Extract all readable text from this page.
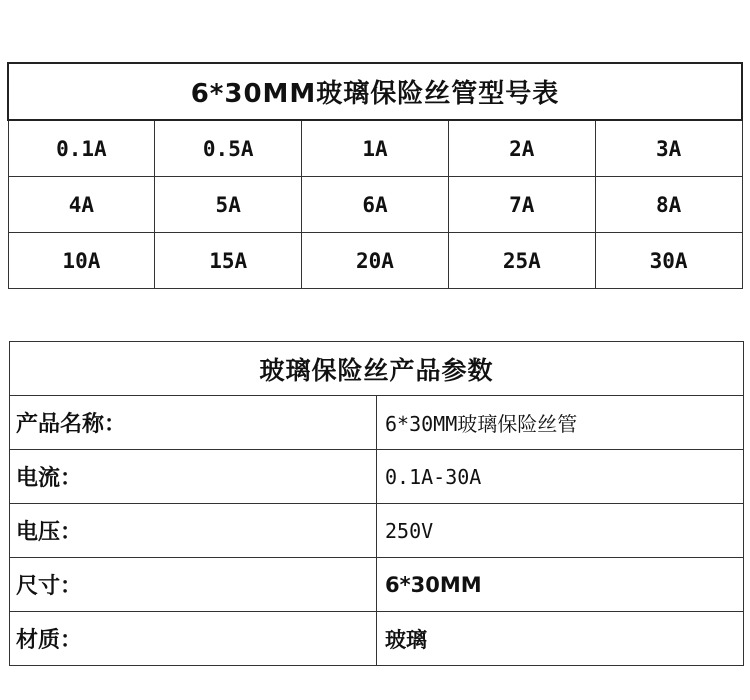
6*30MM玻璃保险丝管型号表				
0.1A	0.5A	1A	2A	3A
4A	5A	6A	7A	8A
10A	15A	20A	25A	30A
玻璃保险丝产品参数	
产品名称：	6*30MM玻璃保险丝管
电流：	0.1A-30A
电压：	250V
尺寸：	6*30MM
材质：	玻璃
